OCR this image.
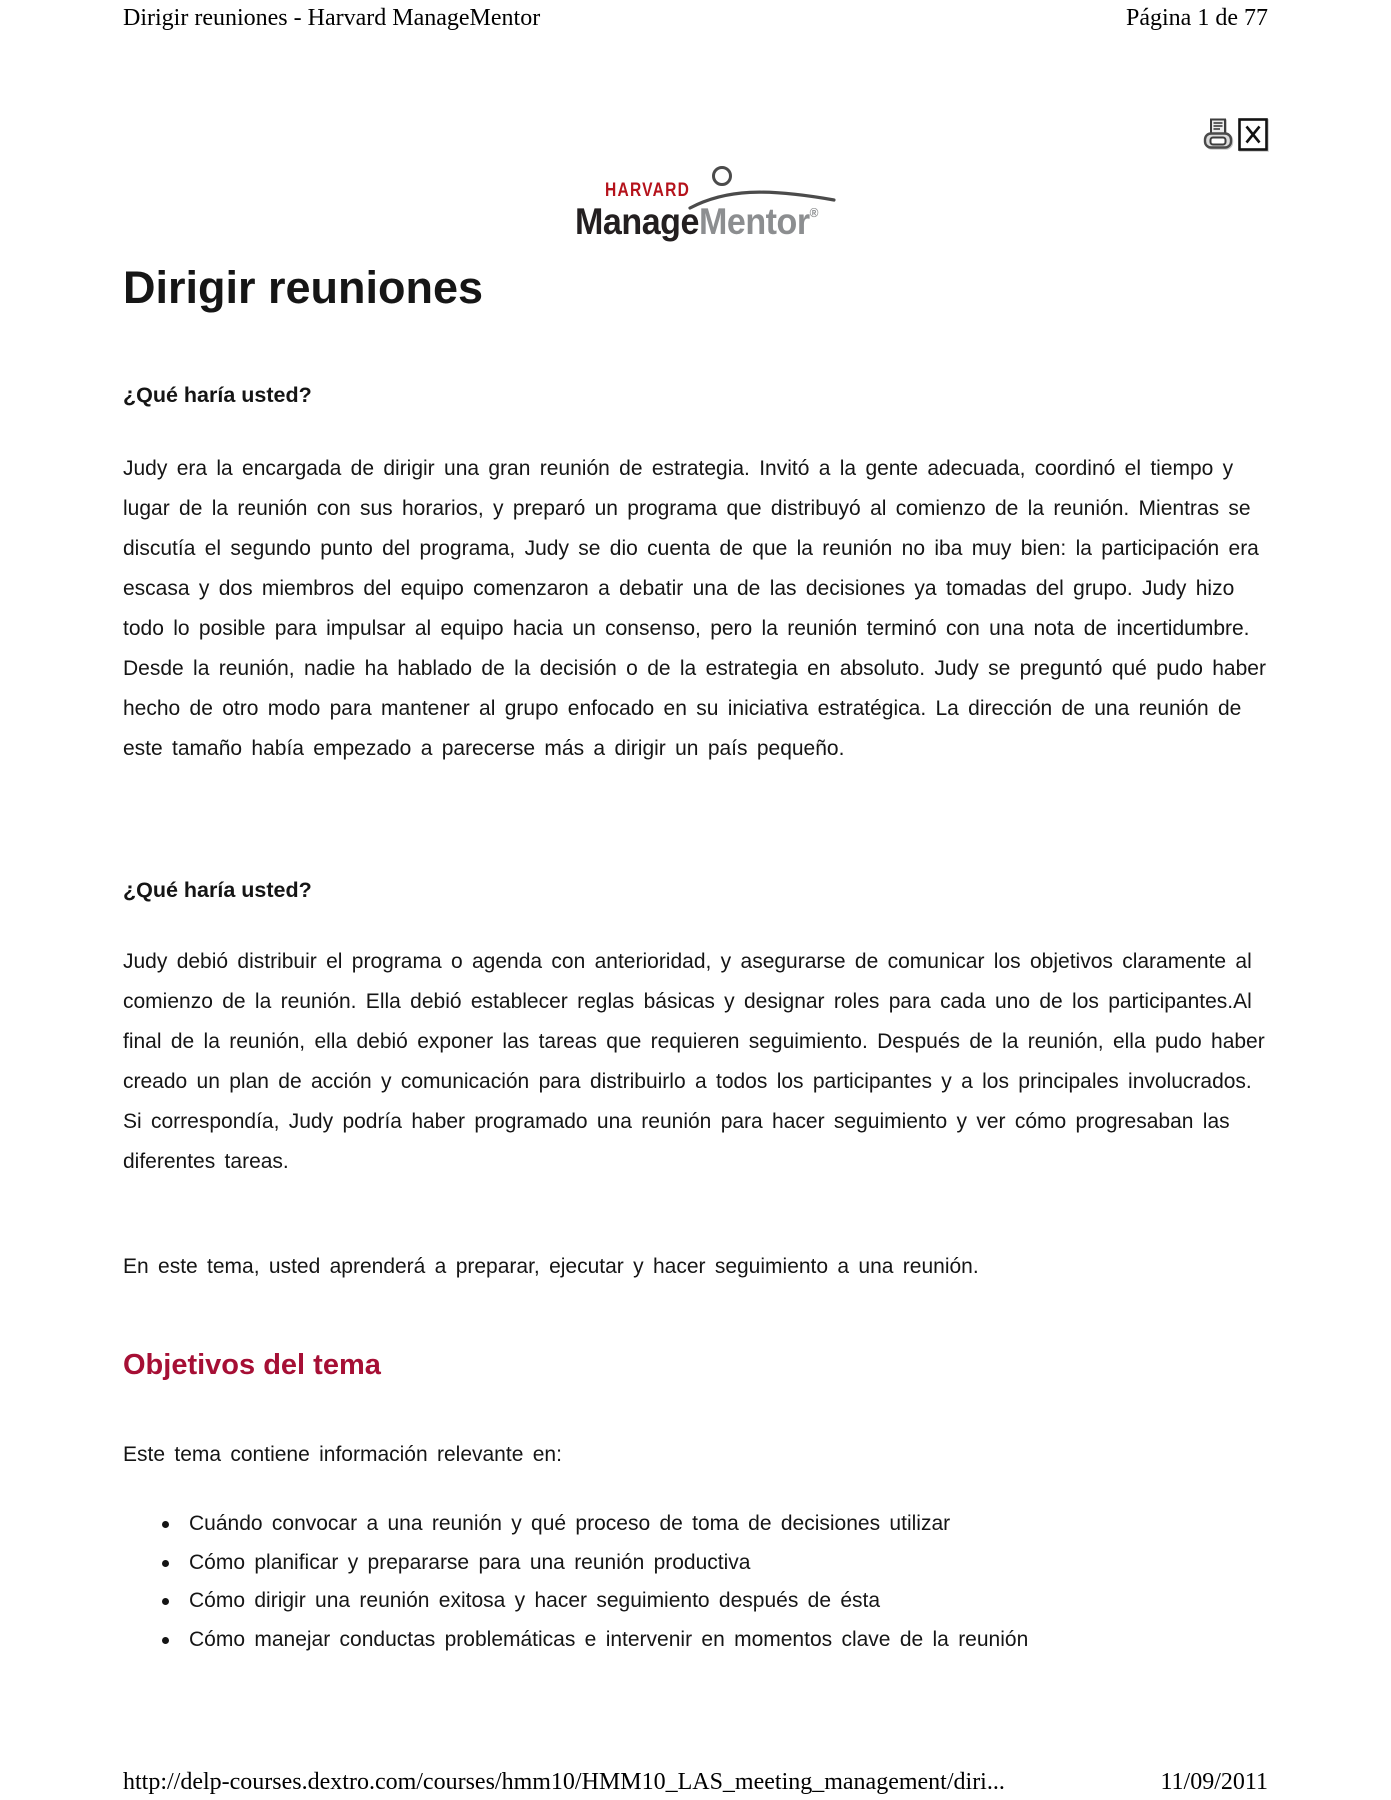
Dirigir reuniones - Harvard ManageMentor	Página 1 de 77
HARVARD
ManageMentor®
Dirigir reuniones
¿Qué haría usted?

Judy era la encargada de dirigir una gran reunión de estrategia. Invitó a la gente adecuada, coordinó el tiempo y lugar de la reunión con sus horarios, y preparó un programa que distribuyó al comienzo de la reunión. Mientras se discutía el segundo punto del programa, Judy se dio cuenta de que la reunión no iba muy bien: la participación era escasa y dos miembros del equipo comenzaron a debatir una de las decisiones ya tomadas del grupo. Judy hizo todo lo posible para impulsar al equipo hacia un consenso, pero la reunión terminó con una nota de incertidumbre. Desde la reunión, nadie ha hablado de la decisión o de la estrategia en absoluto. Judy se preguntó qué pudo haber hecho de otro modo para mantener al grupo enfocado en su iniciativa estratégica. La dirección de una reunión de este tamaño había empezado a parecerse más a dirigir un país pequeño.

¿Qué haría usted?

Judy debió distribuir el programa o agenda con anterioridad, y asegurarse de comunicar los objetivos claramente al comienzo de la reunión. Ella debió establecer reglas básicas y designar roles para cada uno de los participantes.Al final de la reunión, ella debió exponer las tareas que requieren seguimiento. Después de la reunión, ella pudo haber creado un plan de acción y comunicación para distribuirlo a todos los participantes y a los principales involucrados. Si correspondía, Judy podría haber programado una reunión para hacer seguimiento y ver cómo progresaban las diferentes tareas.

En este tema, usted aprenderá a preparar, ejecutar y hacer seguimiento a una reunión.

Objetivos del tema

Este tema contiene información relevante en:

Cuándo convocar a una reunión y qué proceso de toma de decisiones utilizar
Cómo planificar y prepararse para una reunión productiva
Cómo dirigir una reunión exitosa y hacer seguimiento después de ésta
Cómo manejar conductas problemáticas e intervenir en momentos clave de la reunión
http://delp-courses.dextro.com/courses/hmm10/HMM10_LAS_meeting_management/diri...	11/09/2011
